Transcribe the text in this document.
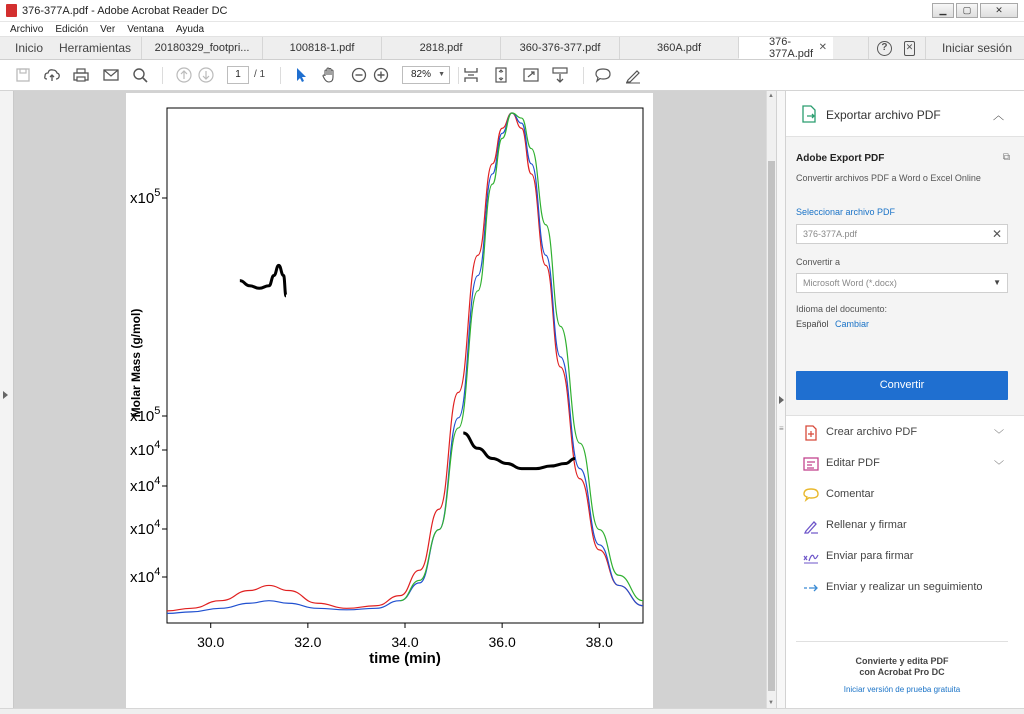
376-377A.pdf - Adobe Acrobat Reader DC	▁	▢	✕
Archivo Edición Ver Ventana Ayuda
Inicio	Herramientas	20180329_footpri...	100818-1.pdf	2818.pdf	360-376-377.pdf	360A.pdf
376-377A.pdf ✕	?	✕	Iniciar sesión
1	/ 1	82% ▼
$x10^5$
$x10^5$
$x10^4$
$x10^4$
$x10^4$
$x10^4$
30.0	32.0	34.0	36.0	38.0
Molar Mass (g/mol)
time (min)
▲
▼
≡
Exportar archivo PDF	︿
Adobe Export PDF	⧉
Convertir archivos PDF a Word o Excel Online
Seleccionar archivo PDF
376-377A.pdf	✕
Convertir a
Microsoft Word (*.docx)	▼
Idioma del documento:
Español Cambiar
Convertir
Crear archivo PDF	﹀
Editar PDF	﹀
Comentar
Rellenar y firmar
Enviar para firmar
Enviar y realizar un seguimiento
Convierte y edita PDF
con Acrobat Pro DC
Iniciar versión de prueba gratuita
